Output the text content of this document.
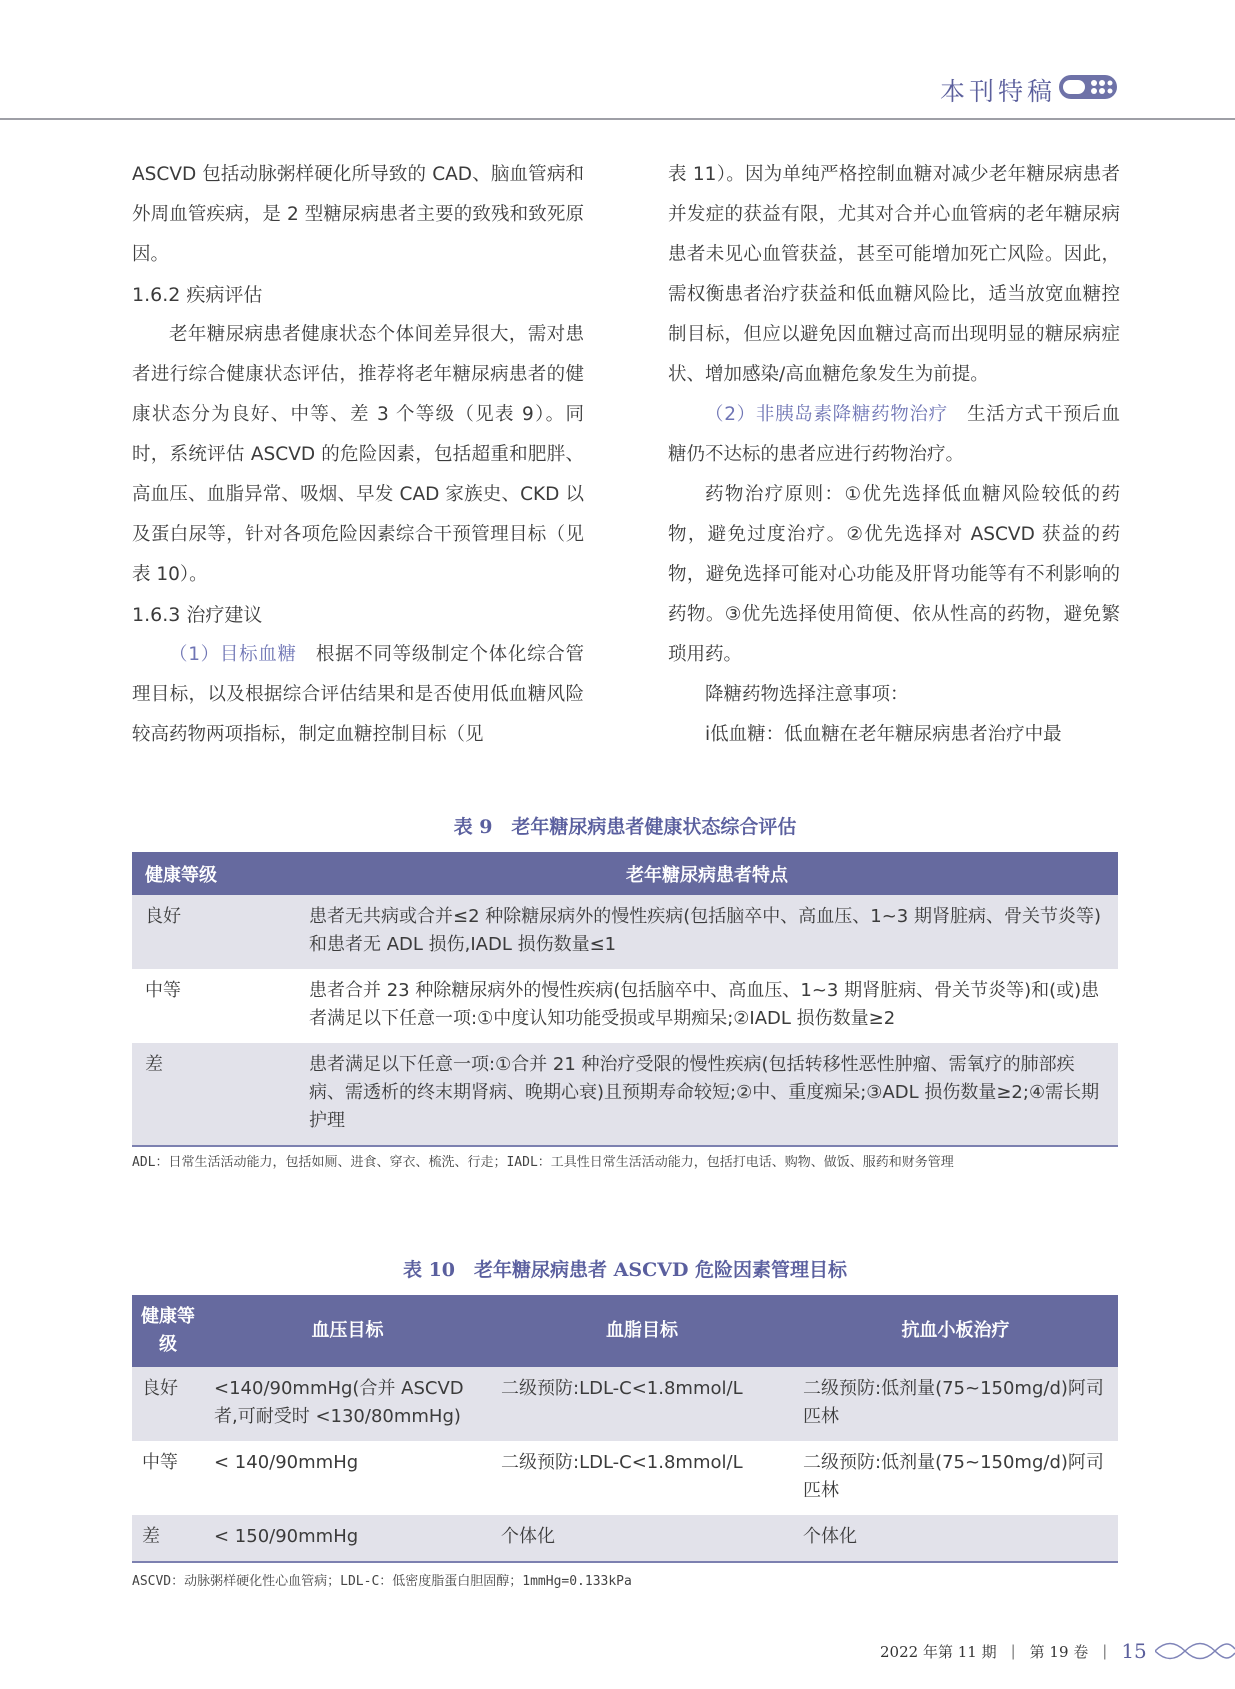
本刊特稿

ASCVD 包括动脉粥样硬化所导致的 CAD、脑血管病和外周血管疾病，是 2 型糖尿病患者主要的致残和致死原因。

1.6.2 疾病评估

老年糖尿病患者健康状态个体间差异很大，需对患者进行综合健康状态评估，推荐将老年糖尿病患者的健康状态分为良好、中等、差 3 个等级（见表 9）。同时，系统评估 ASCVD 的危险因素，包括超重和肥胖、高血压、血脂异常、吸烟、早发 CAD 家族史、CKD 以及蛋白尿等，针对各项危险因素综合干预管理目标（见表 10）。

1.6.3 治疗建议

（1）目标血糖　根据不同等级制定个体化综合管理目标，以及根据综合评估结果和是否使用低血糖风险较高药物两项指标，制定血糖控制目标（见

表 11）。因为单纯严格控制血糖对减少老年糖尿病患者并发症的获益有限，尤其对合并心血管病的老年糖尿病患者未见心血管获益，甚至可能增加死亡风险。因此，需权衡患者治疗获益和低血糖风险比，适当放宽血糖控制目标，但应以避免因血糖过高而出现明显的糖尿病症状、增加感染/高血糖危象发生为前提。

（2）非胰岛素降糖药物治疗　生活方式干预后血糖仍不达标的患者应进行药物治疗。

药物治疗原则：①优先选择低血糖风险较低的药物，避免过度治疗。②优先选择对 ASCVD 获益的药物，避免选择可能对心功能及肝肾功能等有不利影响的药物。③优先选择使用简便、依从性高的药物，避免繁琐用药。

降糖药物选择注意事项：

ⅰ低血糖：低血糖在老年糖尿病患者治疗中最

表 9　老年糖尿病患者健康状态综合评估
健康等级	老年糖尿病患者特点
良好	患者无共病或合并≤2 种除糖尿病外的慢性疾病(包括脑卒中、高血压、1~3 期肾脏病、骨关节炎等)和患者无 ADL 损伤,IADL 损伤数量≤1
中等	患者合并 23 种除糖尿病外的慢性疾病(包括脑卒中、高血压、1~3 期肾脏病、骨关节炎等)和(或)患者满足以下任意一项:①中度认知功能受损或早期痴呆;②IADL 损伤数量≥2
差	患者满足以下任意一项:①合并 21 种治疗受限的慢性疾病(包括转移性恶性肿瘤、需氧疗的肺部疾病、需透析的终末期肾病、晚期心衰)且预期寿命较短;②中、重度痴呆;③ADL 损伤数量≥2;④需长期护理
ADL：日常生活活动能力，包括如厕、进食、穿衣、梳洗、行走；IADL：工具性日常生活活动能力，包括打电话、购物、做饭、服药和财务管理
表 10　老年糖尿病患者 ASCVD 危险因素管理目标
健康等级	血压目标	血脂目标	抗血小板治疗
良好	<140/90mmHg(合并 ASCVD 者,可耐受时 <130/80mmHg)	二级预防:LDL-C<1.8mmol/L	二级预防:低剂量(75~150mg/d)阿司匹林
中等	< 140/90mmHg	二级预防:LDL-C<1.8mmol/L	二级预防:低剂量(75~150mg/d)阿司匹林
差	< 150/90mmHg	个体化	个体化
ASCVD：动脉粥样硬化性心血管病；LDL-C：低密度脂蛋白胆固醇；1mmHg=0.133kPa
2022 年第 11 期 | 第 19 卷 | 15
